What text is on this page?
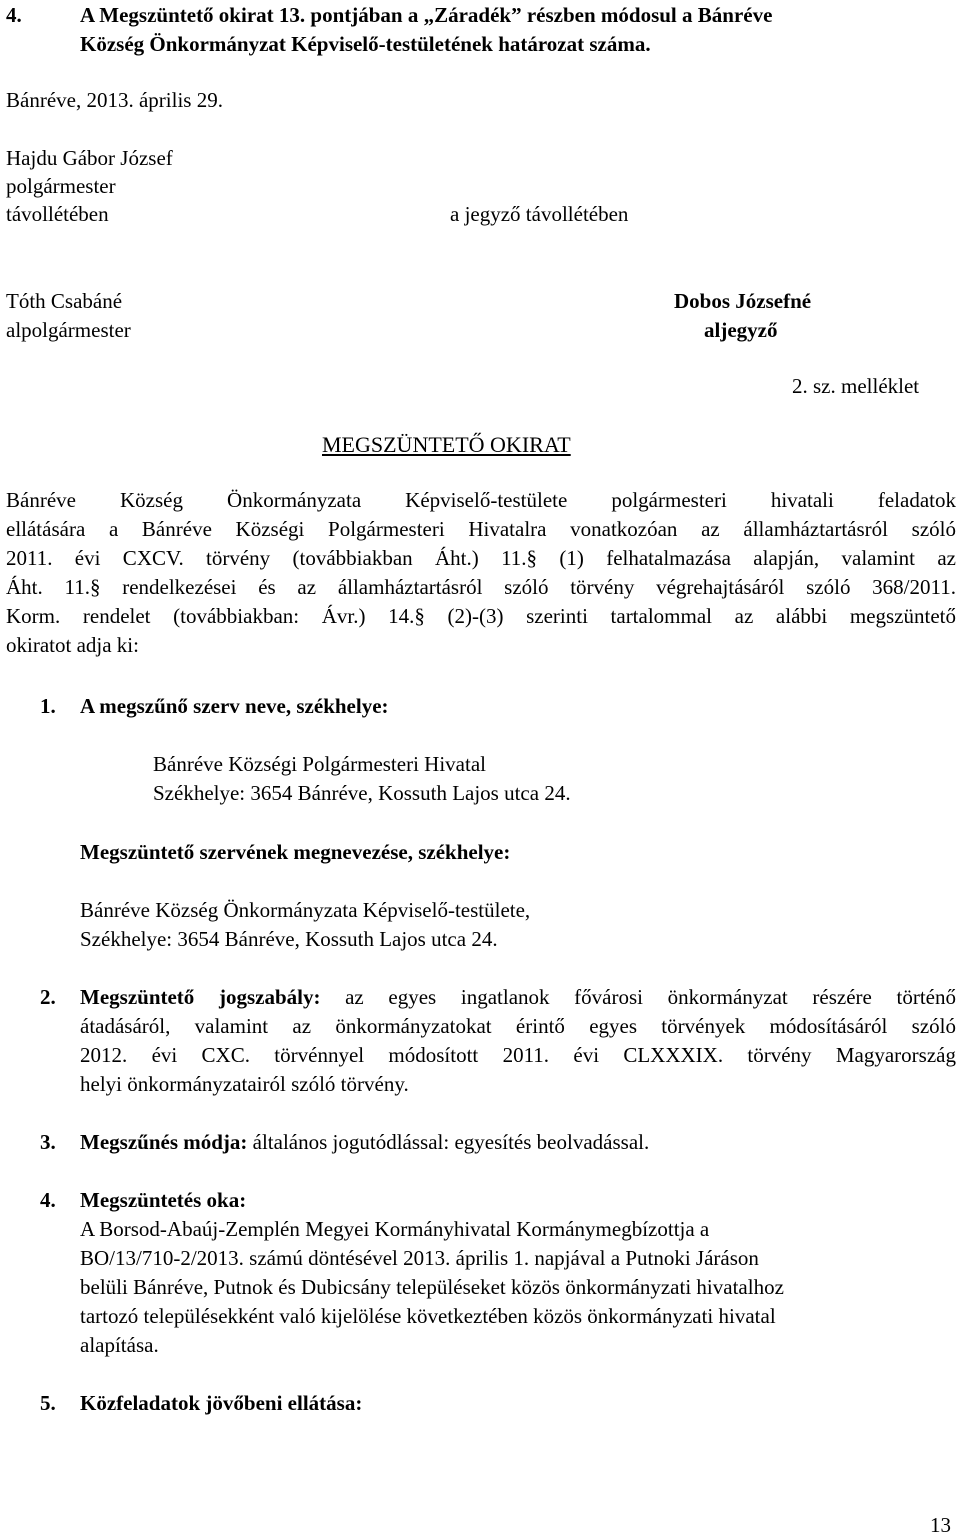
4.	A Megszüntető okirat 13. pontjában a „Záradék” részben módosul a Bánréve
Község Önkormányzat Képviselő-testületének határozat száma.
Bánréve, 2013. április 29.
Hajdu Gábor József
polgármester
távollétében	a jegyző távollétében
Tóth Csabáné
alpolgármester
Dobos Józsefné
aljegyző
2. sz. melléklet
MEGSZÜNTETŐ OKIRAT
Bánréve Község Önkormányzata Képviselő-testülete polgármesteri hivatali feladatok
ellátására a Bánréve Községi Polgármesteri Hivatalra vonatkozóan az államháztartásról szóló
2011. évi CXCV. törvény (továbbiakban Áht.) 11.§ (1) felhatalmazása alapján, valamint az
Áht. 11.§ rendelkezései és az államháztartásról szóló törvény végrehajtásáról szóló 368/2011.
Korm. rendelet (továbbiakban: Ávr.) 14.§ (2)-(3) szerinti tartalommal az alábbi megszüntető
okiratot adja ki:
1. A megszűnő szerv neve, székhelye:
Bánréve Községi Polgármesteri Hivatal
Székhelye: 3654 Bánréve, Kossuth Lajos utca 24.
Megszüntető szervének megnevezése, székhelye:
Bánréve Község Önkormányzata Képviselő-testülete,
Székhelye: 3654 Bánréve, Kossuth Lajos utca 24.
2. Megszüntető jogszabály: az egyes ingatlanok fővárosi önkormányzat részére történő
átadásáról, valamint az önkormányzatokat érintő egyes törvények módosításáról szóló
2012. évi CXC. törvénnyel módosított 2011. évi CLXXXIX. törvény Magyarország
helyi önkormányzatairól szóló törvény.
3. Megszűnés módja: általános jogutódlással: egyesítés beolvadással.
4. Megszüntetés oka:
A Borsod-Abaúj-Zemplén Megyei Kormányhivatal Kormánymegbízottja a
BO/13/710-2/2013. számú döntésével 2013. április 1. napjával a Putnoki Járáson
belüli Bánréve, Putnok és Dubicsány településeket közös önkormányzati hivatalhoz
tartozó településekként való kijelölése következtében közös önkormányzati hivatal
alapítása.
5. Közfeladatok jövőbeni ellátása:
13
